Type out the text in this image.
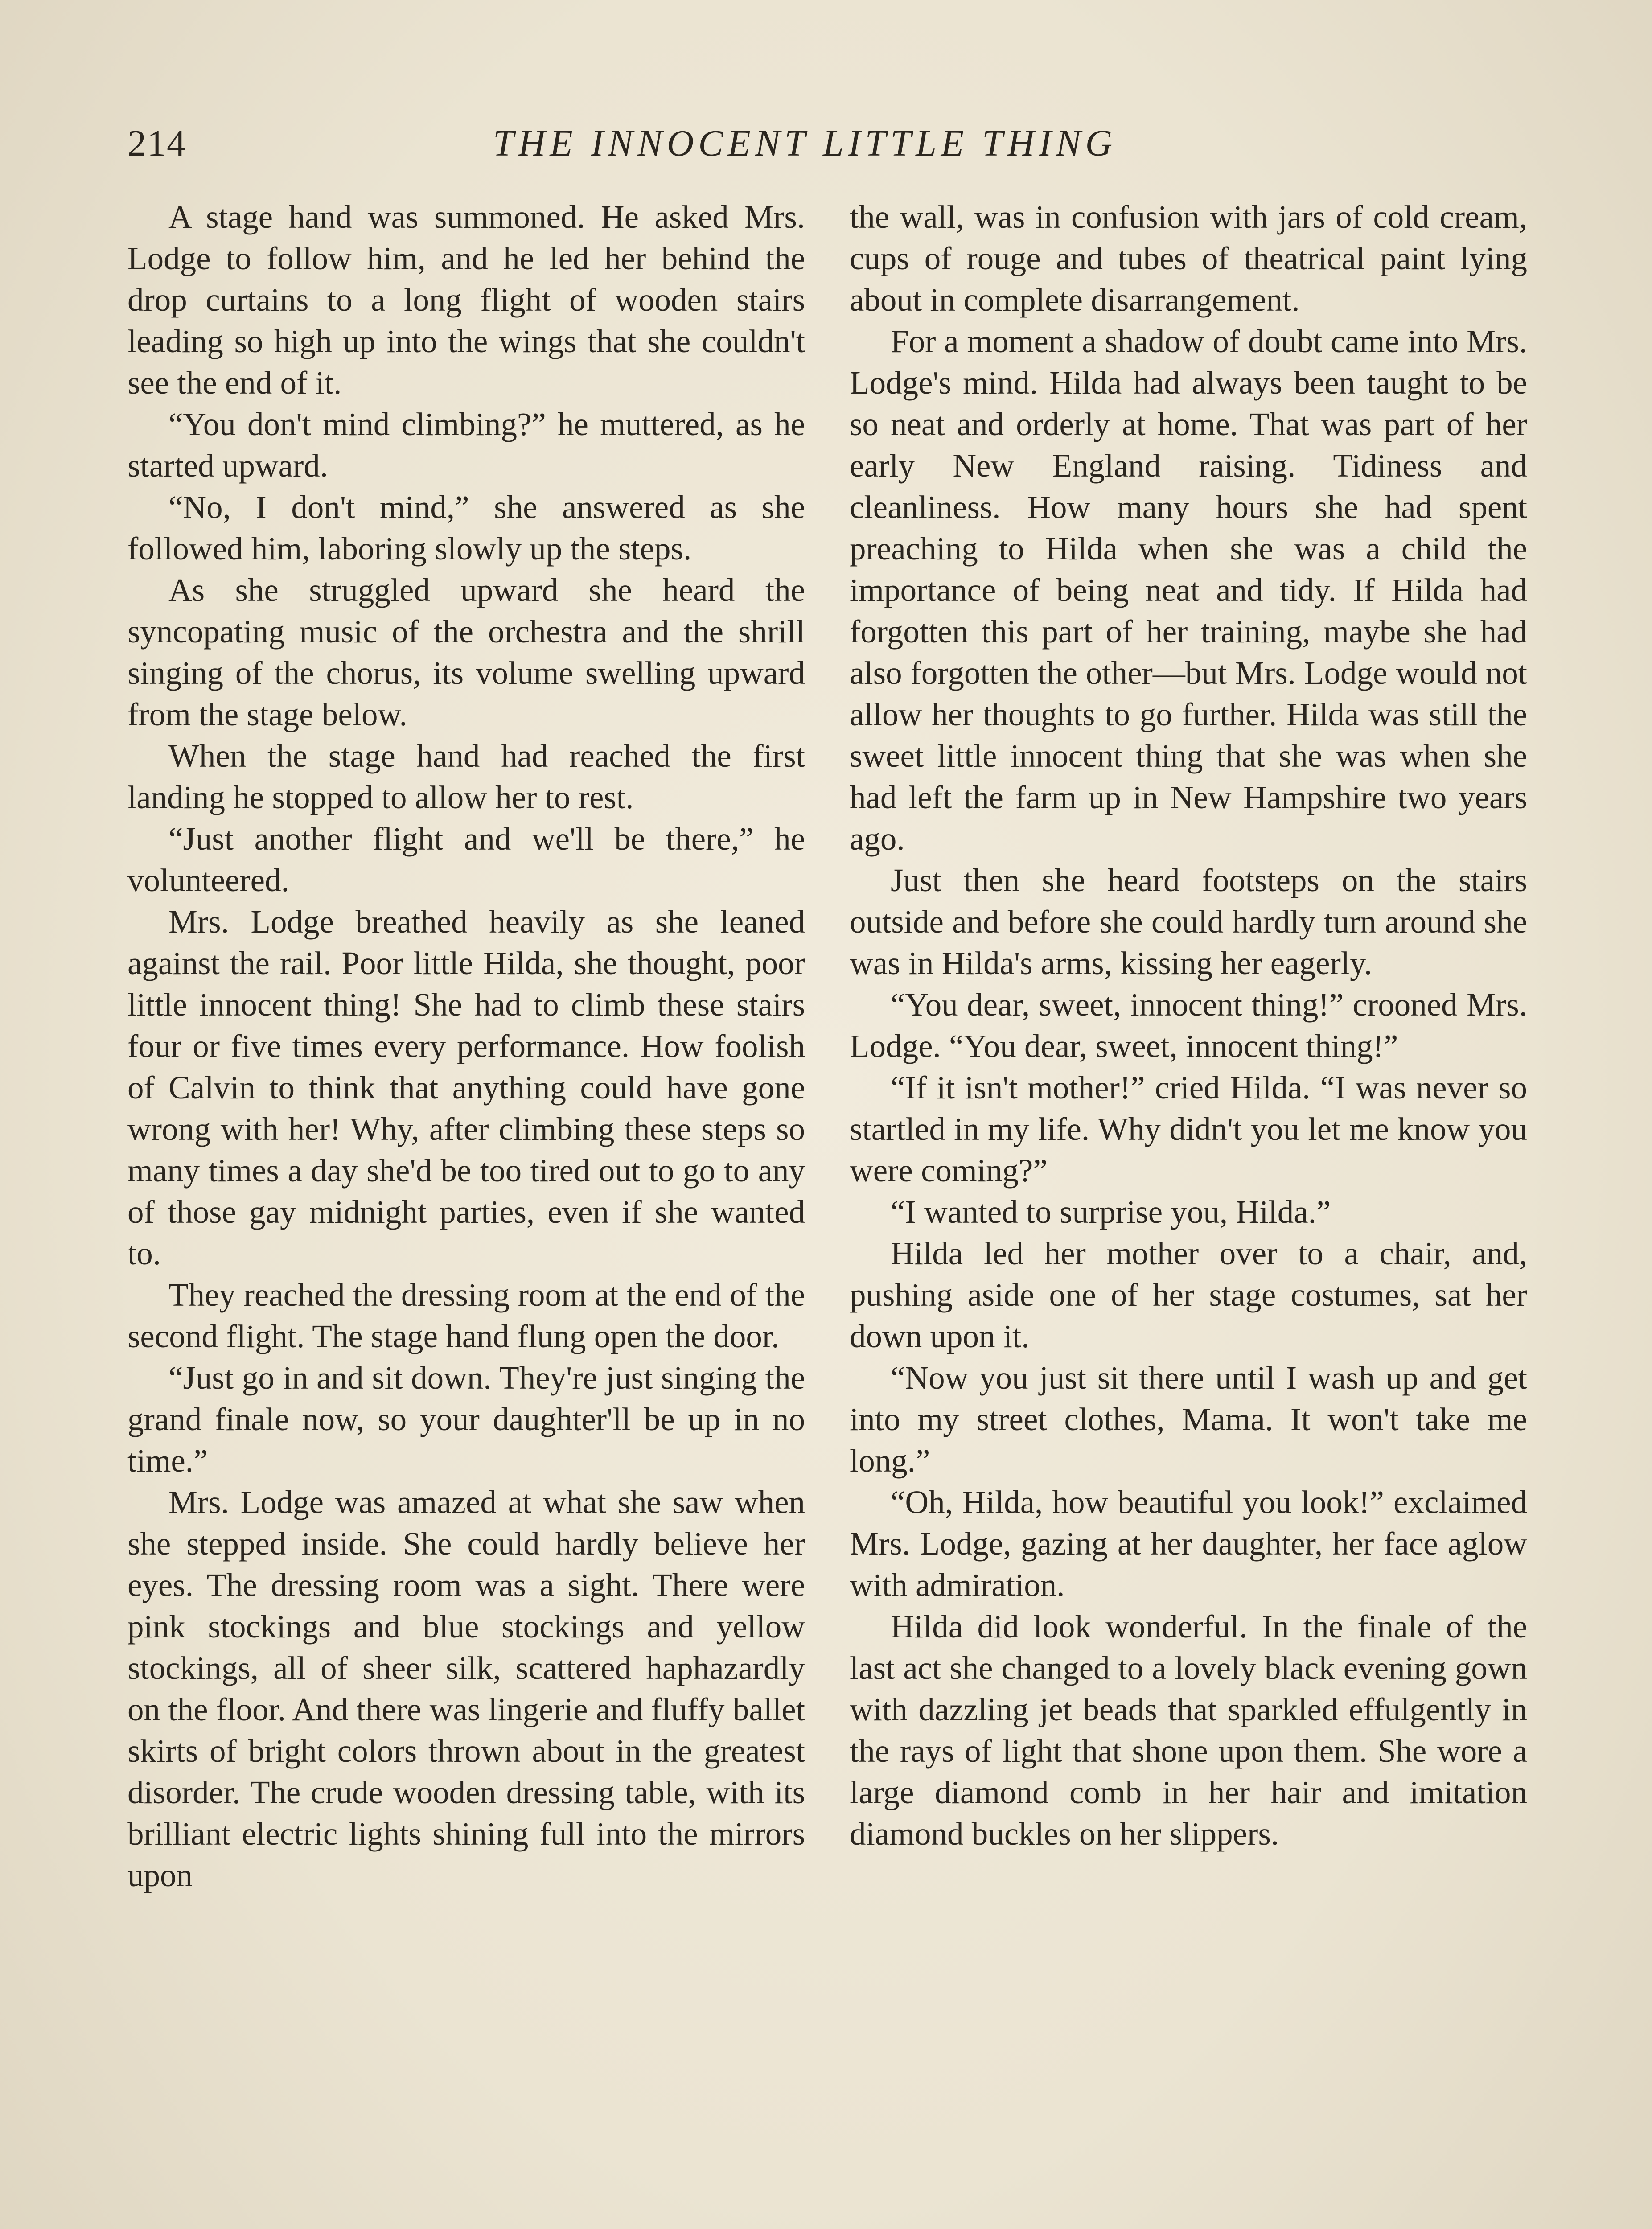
214	THE INNOCENT LITTLE THING

A stage hand was summoned. He asked Mrs. Lodge to follow him, and he led her behind the drop curtains to a long flight of wooden stairs leading so high up into the wings that she couldn't see the end of it.

“You don't mind climbing?” he muttered, as he started upward.

“No, I don't mind,” she answered as she followed him, laboring slowly up the steps.

As she struggled upward she heard the syncopating music of the orchestra and the shrill singing of the chorus, its volume swelling upward from the stage below.

When the stage hand had reached the first landing he stopped to allow her to rest.

“Just another flight and we'll be there,” he volunteered.

Mrs. Lodge breathed heavily as she leaned against the rail. Poor little Hilda, she thought, poor little innocent thing! She had to climb these stairs four or five times every performance. How foolish of Calvin to think that anything could have gone wrong with her! Why, after climbing these steps so many times a day she'd be too tired out to go to any of those gay midnight parties, even if she wanted to.

They reached the dressing room at the end of the second flight. The stage hand flung open the door.

“Just go in and sit down. They're just singing the grand finale now, so your daughter'll be up in no time.”

Mrs. Lodge was amazed at what she saw when she stepped inside. She could hardly believe her eyes. The dressing room was a sight. There were pink stockings and blue stockings and yellow stockings, all of sheer silk, scattered haphazardly on the floor. And there was lingerie and fluffy ballet skirts of bright colors thrown about in the greatest disorder. The crude wooden dressing table, with its brilliant electric lights shining full into the mirrors upon

the wall, was in confusion with jars of cold cream, cups of rouge and tubes of theatrical paint lying about in complete disarrangement.

For a moment a shadow of doubt came into Mrs. Lodge's mind. Hilda had always been taught to be so neat and orderly at home. That was part of her early New England raising. Tidiness and cleanliness. How many hours she had spent preaching to Hilda when she was a child the importance of being neat and tidy. If Hilda had forgotten this part of her training, maybe she had also forgotten the other—but Mrs. Lodge would not allow her thoughts to go further. Hilda was still the sweet little innocent thing that she was when she had left the farm up in New Hampshire two years ago.

Just then she heard footsteps on the stairs outside and before she could hardly turn around she was in Hilda's arms, kissing her eagerly.

“You dear, sweet, innocent thing!” crooned Mrs. Lodge. “You dear, sweet, innocent thing!”

“If it isn't mother!” cried Hilda. “I was never so startled in my life. Why didn't you let me know you were coming?”

“I wanted to surprise you, Hilda.”

Hilda led her mother over to a chair, and, pushing aside one of her stage costumes, sat her down upon it.

“Now you just sit there until I wash up and get into my street clothes, Mama. It won't take me long.”

“Oh, Hilda, how beautiful you look!” exclaimed Mrs. Lodge, gazing at her daughter, her face aglow with admiration.

Hilda did look wonderful. In the finale of the last act she changed to a lovely black evening gown with dazzling jet beads that sparkled effulgently in the rays of light that shone upon them. She wore a large diamond comb in her hair and imitation diamond buckles on her slippers.
